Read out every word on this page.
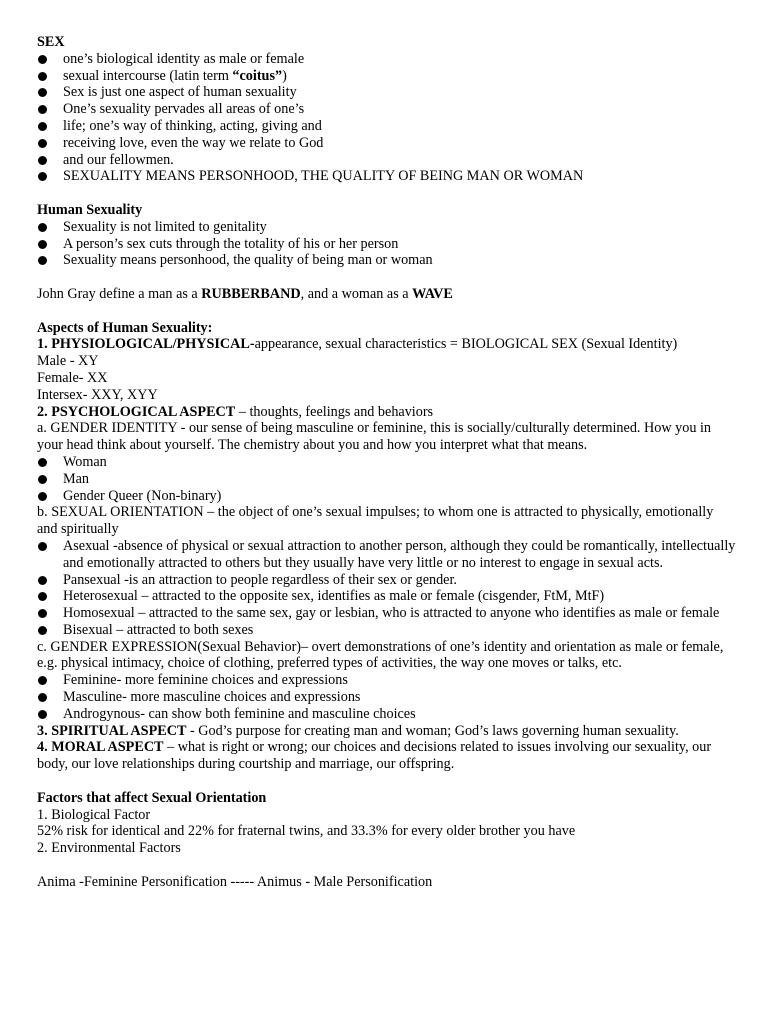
SEX
one’s biological identity as male or female
sexual intercourse (latin term “coitus”)
Sex is just one aspect of human sexuality
One’s sexuality pervades all areas of one’s
life; one’s way of thinking, acting, giving and
receiving love, even the way we relate to God
and our fellowmen.
SEXUALITY MEANS PERSONHOOD, THE QUALITY OF BEING MAN OR WOMAN
Human Sexuality
Sexuality is not limited to genitality
A person’s sex cuts through the totality of his or her person
Sexuality means personhood, the quality of being man or woman
John Gray define a man as a RUBBERBAND, and a woman as a WAVE
Aspects of Human Sexuality:
1. PHYSIOLOGICAL/PHYSICAL-appearance, sexual characteristics = BIOLOGICAL SEX (Sexual Identity)
Male - XY
Female- XX
Intersex- XXY, XYY
2. PSYCHOLOGICAL ASPECT – thoughts, feelings and behaviors
a. GENDER IDENTITY - our sense of being masculine or feminine, this is socially/culturally determined. How you in your head think about yourself. The chemistry about you and how you interpret what that means.
Woman
Man
Gender Queer (Non-binary)
b. SEXUAL ORIENTATION – the object of one’s sexual impulses; to whom one is attracted to physically, emotionally and spiritually
Asexual -absence of physical or sexual attraction to another person, although they could be romantically, intellectually and emotionally attracted to others but they usually have very little or no interest to engage in sexual acts.
Pansexual -is an attraction to people regardless of their sex or gender.
Heterosexual – attracted to the opposite sex, identifies as male or female (cisgender, FtM, MtF)
Homosexual – attracted to the same sex, gay or lesbian, who is attracted to anyone who identifies as male or female
Bisexual – attracted to both sexes
c. GENDER EXPRESSION(Sexual Behavior)– overt demonstrations of one’s identity and orientation as male or female, e.g. physical intimacy, choice of clothing, preferred types of activities, the way one moves or talks, etc.
Feminine- more feminine choices and expressions
Masculine- more masculine choices and expressions
Androgynous- can show both feminine and masculine choices
3. SPIRITUAL ASPECT - God’s purpose for creating man and woman; God’s laws governing human sexuality.
4. MORAL ASPECT – what is right or wrong; our choices and decisions related to issues involving our sexuality, our body, our love relationships during courtship and marriage, our offspring.
Factors that affect Sexual Orientation
1. Biological Factor
52% risk for identical and 22% for fraternal twins, and 33.3% for every older brother you have
2. Environmental Factors
Anima -Feminine Personification ----- Animus - Male Personification
